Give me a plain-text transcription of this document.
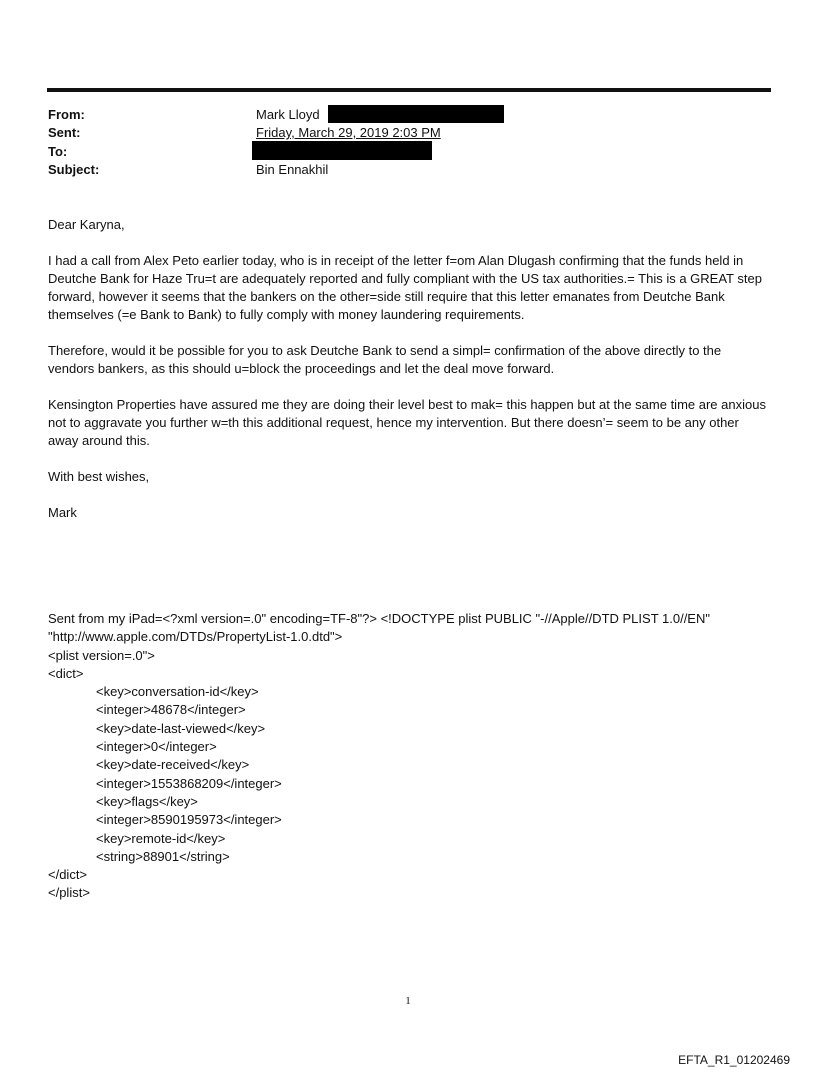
From:	Mark Lloyd
Sent:	Friday, March 29, 2019 2:03 PM
To:
Subject:	Bin Ennakhil

Dear Karyna,

I had a call from Alex Peto earlier today, who is in receipt of the letter f=om Alan Dlugash confirming that the funds held in Deutche Bank for Haze Tru=t are adequately reported and fully compliant with the US tax authorities.= This is a GREAT step forward, however it seems that the bankers on the other=side still require that this letter emanates from Deutche Bank themselves (=e Bank to Bank) to fully comply with money laundering requirements.

Therefore, would it be possible for you to ask Deutche Bank to send a simpl= confirmation of the above directly to the vendors bankers, as this should u=block the proceedings and let the deal move forward.

Kensington Properties have assured me they are doing their level best to mak= this happen but at the same time are anxious not to aggravate you further w=th this additional request, hence my intervention. But there doesn’= seem to be any other away around this.

With best wishes,

Mark

Sent from my iPad=<?xml version=.0" encoding=TF-8"?> <!DOCTYPE plist PUBLIC "-//Apple//DTD PLIST 1.0//EN"
"http://www.apple.com/DTDs/PropertyList-1.0.dtd">
<plist version=.0">
<dict>
<key>conversation-id</key>
<integer>48678</integer>
<key>date-last-viewed</key>
<integer>0</integer>
<key>date-received</key>
<integer>1553868209</integer>
<key>flags</key>
<integer>8590195973</integer>
<key>remote-id</key>
<string>88901</string>
</dict>
</plist>
1
EFTA_R1_01202469
